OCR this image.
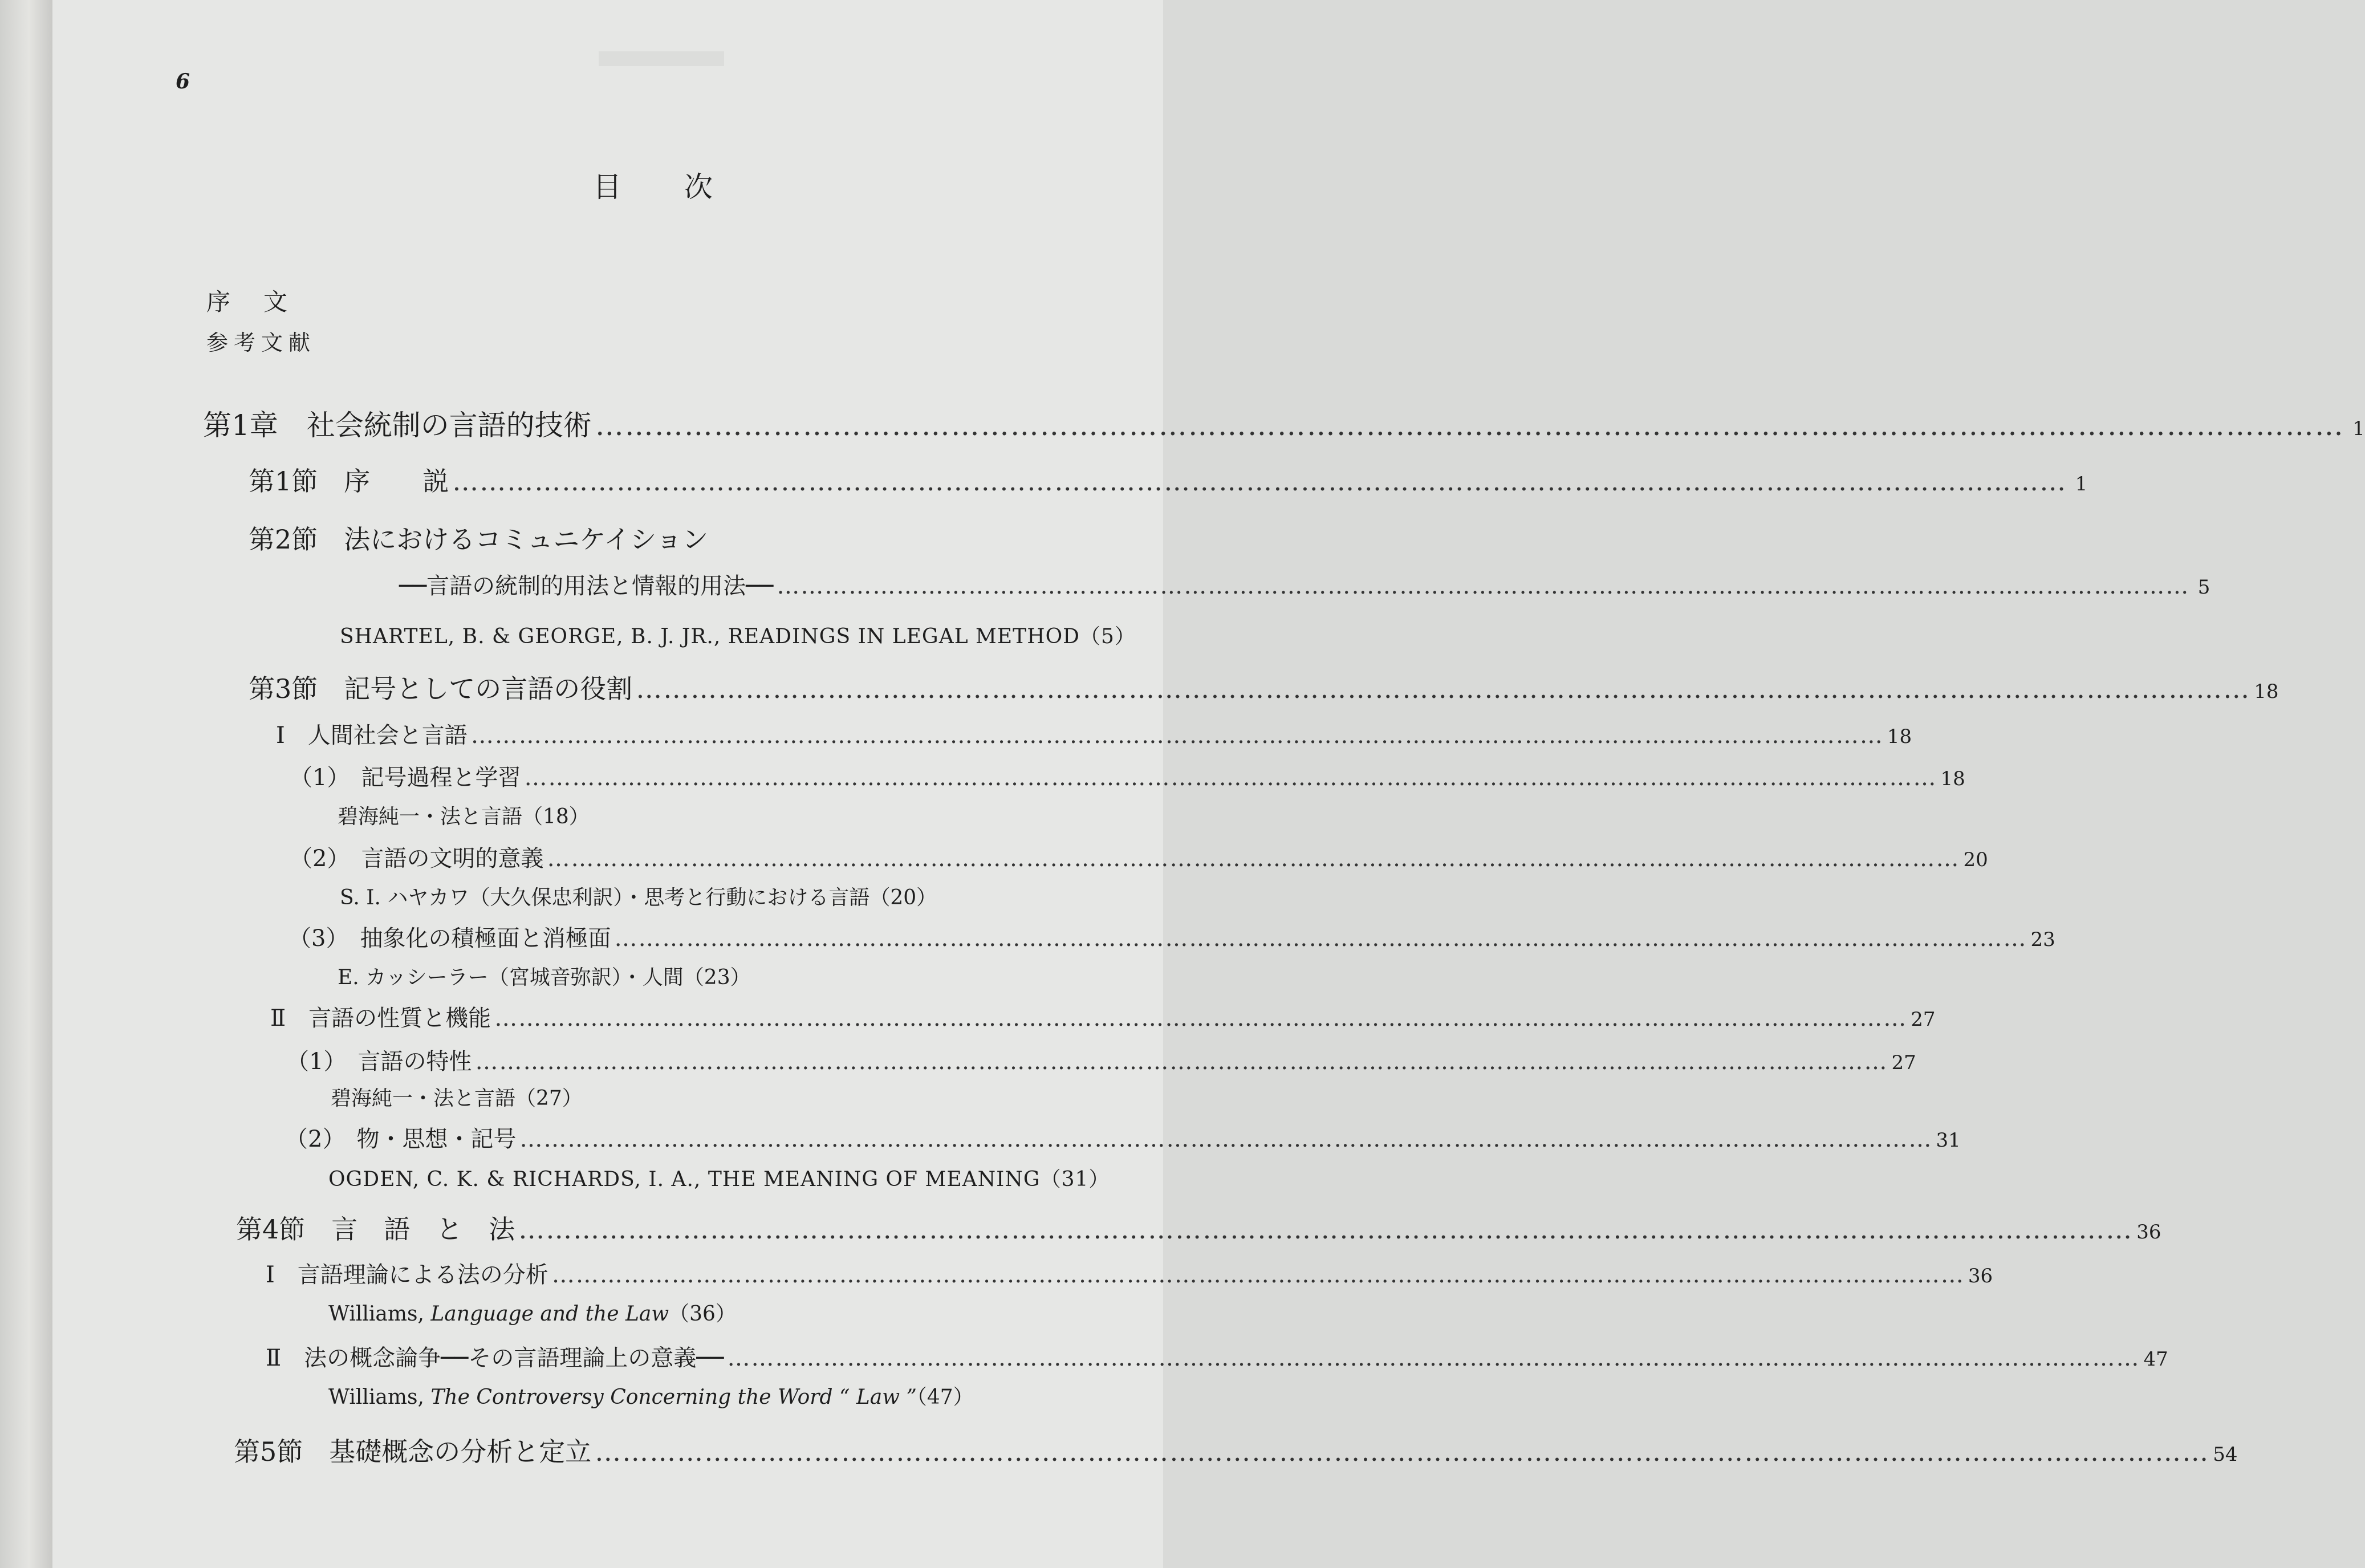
6
目次
序　文
参考文献
第1章　社会統制の言語的技術 …………………………………………………………………………………………………………………………………………………………… 1
第1節　序　　説 …………………………………………………………………………………………………………………………………………………………… 1
第2節　法におけるコミュニケイション
──言語の統制的用法と情報的用法── …………………………………………………………………………………………………………………………………………………………… 5
SHARTEL, B. & GEORGE, B. J. JR., READINGS IN LEGAL METHOD（5）
第3節　記号としての言語の役割 …………………………………………………………………………………………………………………………………………………………… 18
Ⅰ　人間社会と言語 …………………………………………………………………………………………………………………………………………………………… 18
（1）　記号過程と学習 …………………………………………………………………………………………………………………………………………………………… 18
碧海純一・法と言語（18）
（2）　言語の文明的意義 …………………………………………………………………………………………………………………………………………………………… 20
S. I. ハヤカワ（大久保忠利訳）・思考と行動における言語（20）
（3）　抽象化の積極面と消極面 …………………………………………………………………………………………………………………………………………………………… 23
E. カッシーラー（宮城音弥訳）・人間（23）
Ⅱ　言語の性質と機能 …………………………………………………………………………………………………………………………………………………………… 27
（1）　言語の特性 …………………………………………………………………………………………………………………………………………………………… 27
碧海純一・法と言語（27）
（2）　物・思想・記号 …………………………………………………………………………………………………………………………………………………………… 31
OGDEN, C. K. & RICHARDS, I. A., THE MEANING OF MEANING（31）
第4節　言　語　と　法 …………………………………………………………………………………………………………………………………………………………… 36
Ⅰ　言語理論による法の分析 …………………………………………………………………………………………………………………………………………………………… 36
Williams, Language and the Law（36）
Ⅱ　法の概念論争──その言語理論上の意義── …………………………………………………………………………………………………………………………………………………………… 47
Williams, The Controversy Concerning the Word “ Law ”（47）
第5節　基礎概念の分析と定立 …………………………………………………………………………………………………………………………………………………………… 54
